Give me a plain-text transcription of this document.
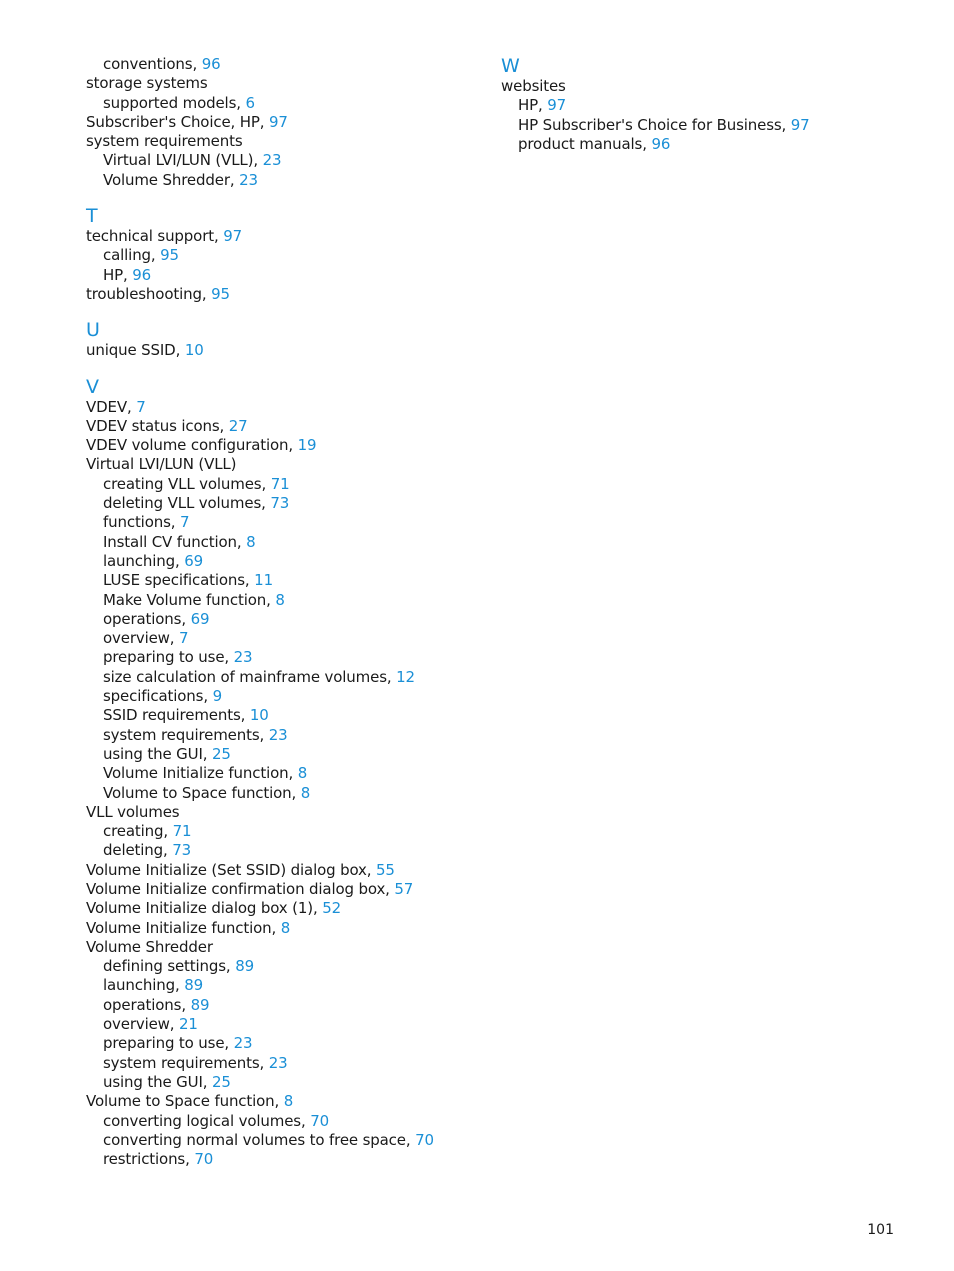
conventions, 96
storage systems
supported models, 6
Subscriber's Choice, HP, 97
system requirements
Virtual LVI/LUN (VLL), 23
Volume Shredder, 23
T
technical support, 97
calling, 95
HP, 96
troubleshooting, 95
U
unique SSID, 10
V
VDEV, 7
VDEV status icons, 27
VDEV volume configuration, 19
Virtual LVI/LUN (VLL)
creating VLL volumes, 71
deleting VLL volumes, 73
functions, 7
Install CV function, 8
launching, 69
LUSE specifications, 11
Make Volume function, 8
operations, 69
overview, 7
preparing to use, 23
size calculation of mainframe volumes, 12
specifications, 9
SSID requirements, 10
system requirements, 23
using the GUI, 25
Volume Initialize function, 8
Volume to Space function, 8
VLL volumes
creating, 71
deleting, 73
Volume Initialize (Set SSID) dialog box, 55
Volume Initialize confirmation dialog box, 57
Volume Initialize dialog box (1), 52
Volume Initialize function, 8
Volume Shredder
defining settings, 89
launching, 89
operations, 89
overview, 21
preparing to use, 23
system requirements, 23
using the GUI, 25
Volume to Space function, 8
converting logical volumes, 70
converting normal volumes to free space, 70
restrictions, 70
W
websites
HP, 97
HP Subscriber's Choice for Business, 97
product manuals, 96
101
